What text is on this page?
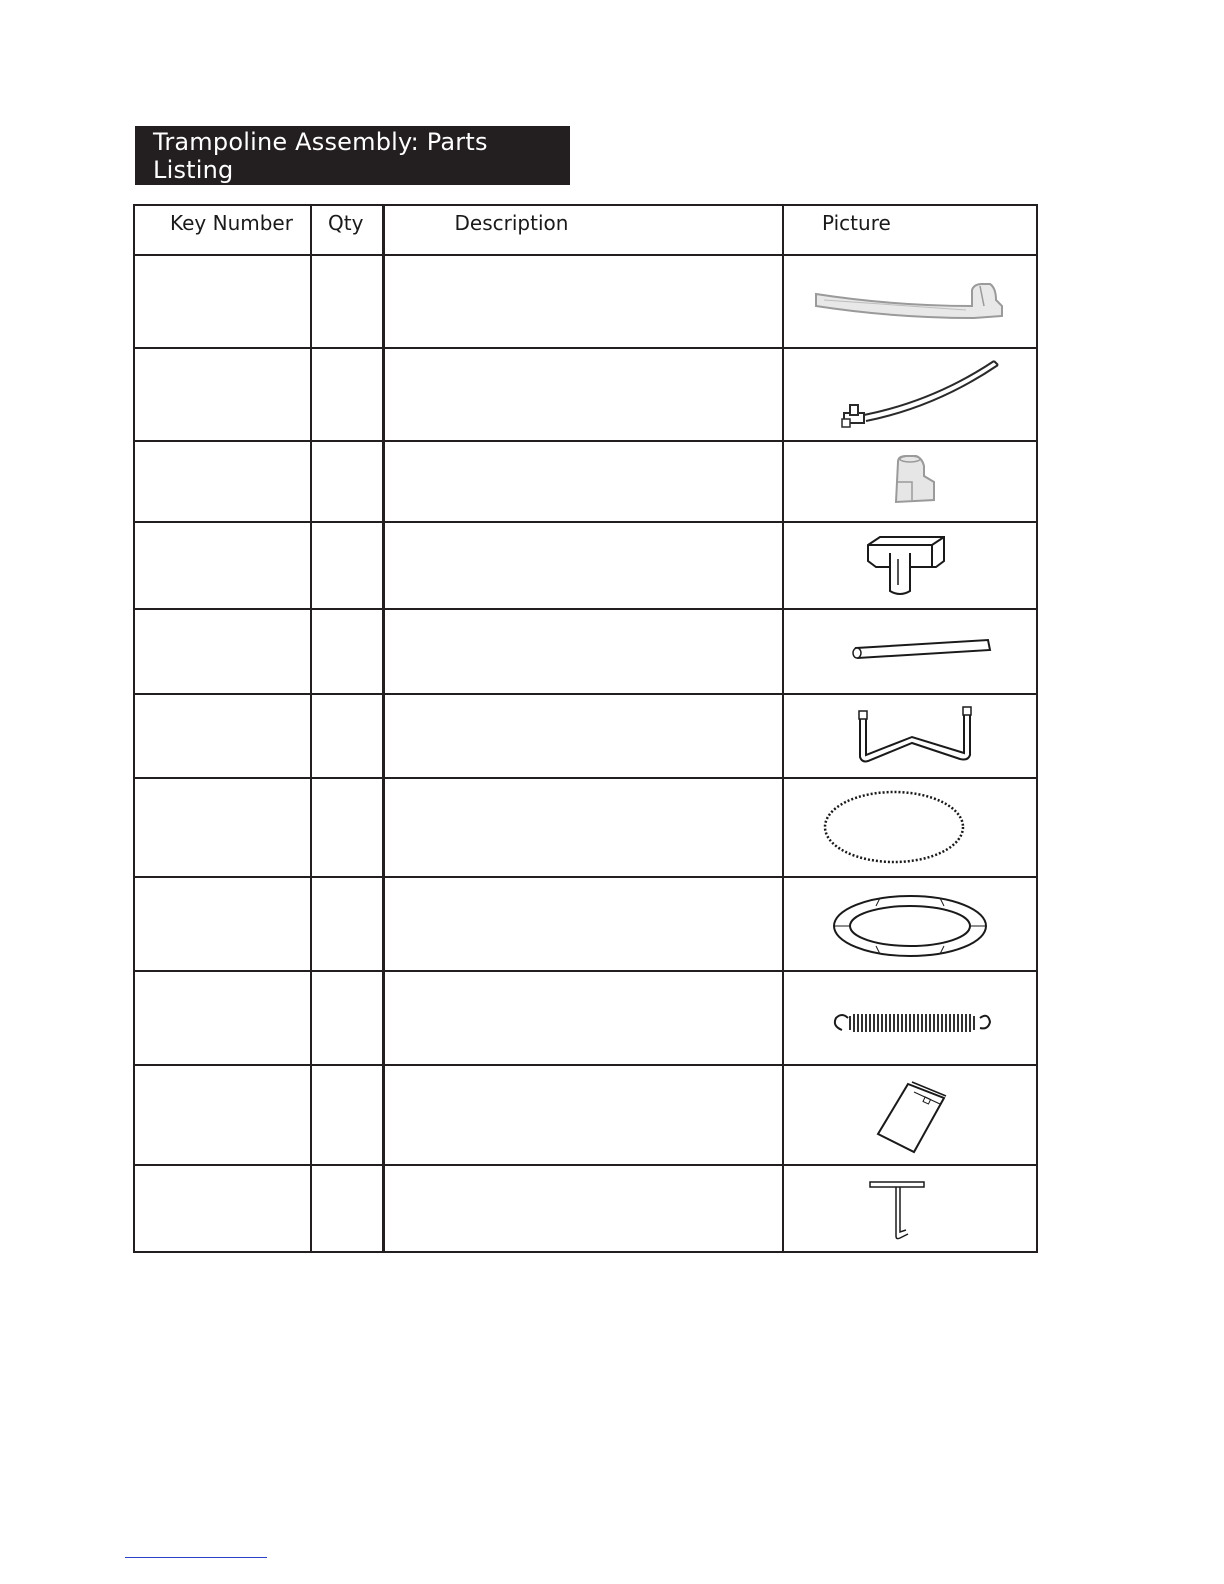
Trampoline Assembly: Parts Listing
Key Number	Qty	Description	Picture
